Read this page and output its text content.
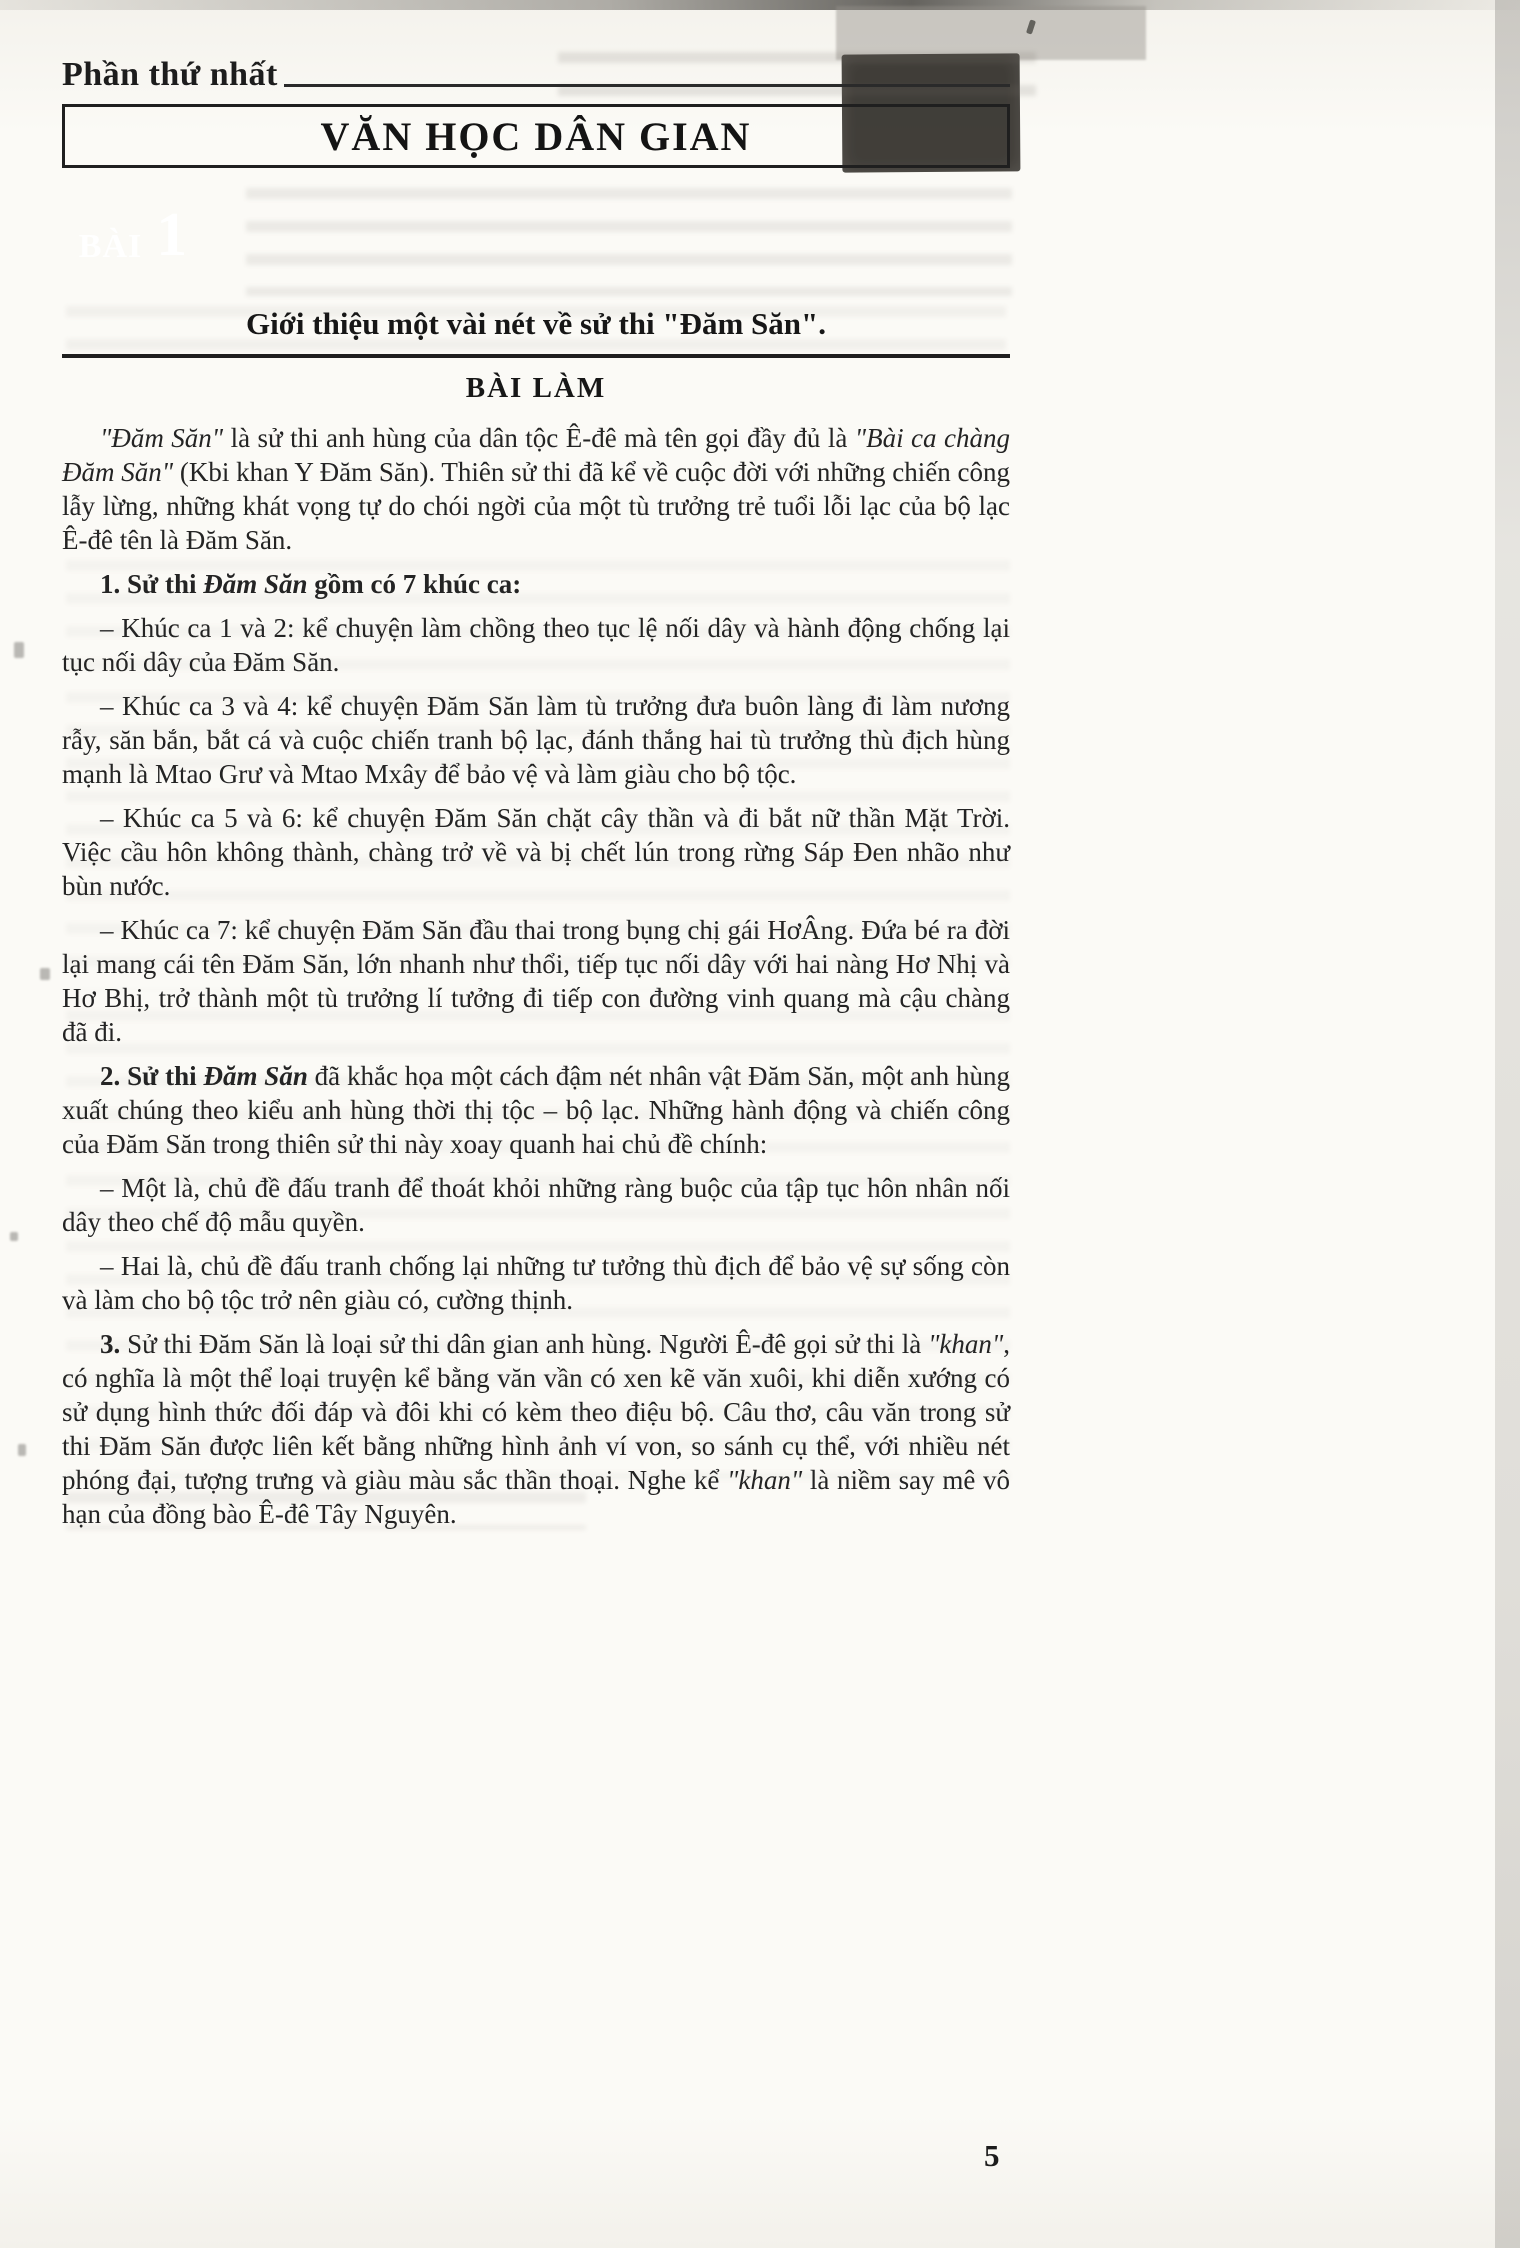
Phần thứ nhất
VĂN HỌC DÂN GIAN
BÀI 1
Giới thiệu một vài nét về sử thi "Đăm Săn".
BÀI LÀM

"Đăm Săn" là sử thi anh hùng của dân tộc Ê-đê mà tên gọi đầy đủ là "Bài ca chàng Đăm Săn" (Kbi khan Y Đăm Săn). Thiên sử thi đã kể về cuộc đời với những chiến công lẫy lừng, những khát vọng tự do chói ngời của một tù trưởng trẻ tuổi lỗi lạc của bộ lạc Ê-đê tên là Đăm Săn.

1. Sử thi Đăm Săn gồm có 7 khúc ca:

– Khúc ca 1 và 2: kể chuyện làm chồng theo tục lệ nối dây và hành động chống lại tục nối dây của Đăm Săn.

– Khúc ca 3 và 4: kể chuyện Đăm Săn làm tù trưởng đưa buôn làng đi làm nương rẫy, săn bắn, bắt cá và cuộc chiến tranh bộ lạc, đánh thắng hai tù trưởng thù địch hùng mạnh là Mtao Grư và Mtao Mxây để bảo vệ và làm giàu cho bộ tộc.

– Khúc ca 5 và 6: kể chuyện Đăm Săn chặt cây thần và đi bắt nữ thần Mặt Trời. Việc cầu hôn không thành, chàng trở về và bị chết lún trong rừng Sáp Đen nhão như bùn nước.

– Khúc ca 7: kể chuyện Đăm Săn đầu thai trong bụng chị gái HơÂng. Đứa bé ra đời lại mang cái tên Đăm Săn, lớn nhanh như thổi, tiếp tục nối dây với hai nàng Hơ Nhị và Hơ Bhị, trở thành một tù trưởng lí tưởng đi tiếp con đường vinh quang mà cậu chàng đã đi.

2. Sử thi Đăm Săn đã khắc họa một cách đậm nét nhân vật Đăm Săn, một anh hùng xuất chúng theo kiểu anh hùng thời thị tộc – bộ lạc. Những hành động và chiến công của Đăm Săn trong thiên sử thi này xoay quanh hai chủ đề chính:

– Một là, chủ đề đấu tranh để thoát khỏi những ràng buộc của tập tục hôn nhân nối dây theo chế độ mẫu quyền.

– Hai là, chủ đề đấu tranh chống lại những tư tưởng thù địch để bảo vệ sự sống còn và làm cho bộ tộc trở nên giàu có, cường thịnh.

3. Sử thi Đăm Săn là loại sử thi dân gian anh hùng. Người Ê-đê gọi sử thi là "khan", có nghĩa là một thể loại truyện kể bằng văn vần có xen kẽ văn xuôi, khi diễn xướng có sử dụng hình thức đối đáp và đôi khi có kèm theo điệu bộ. Câu thơ, câu văn trong sử thi Đăm Săn được liên kết bằng những hình ảnh ví von, so sánh cụ thể, với nhiều nét phóng đại, tượng trưng và giàu màu sắc thần thoại. Nghe kể "khan" là niềm say mê vô hạn của đồng bào Ê-đê Tây Nguyên.

5
